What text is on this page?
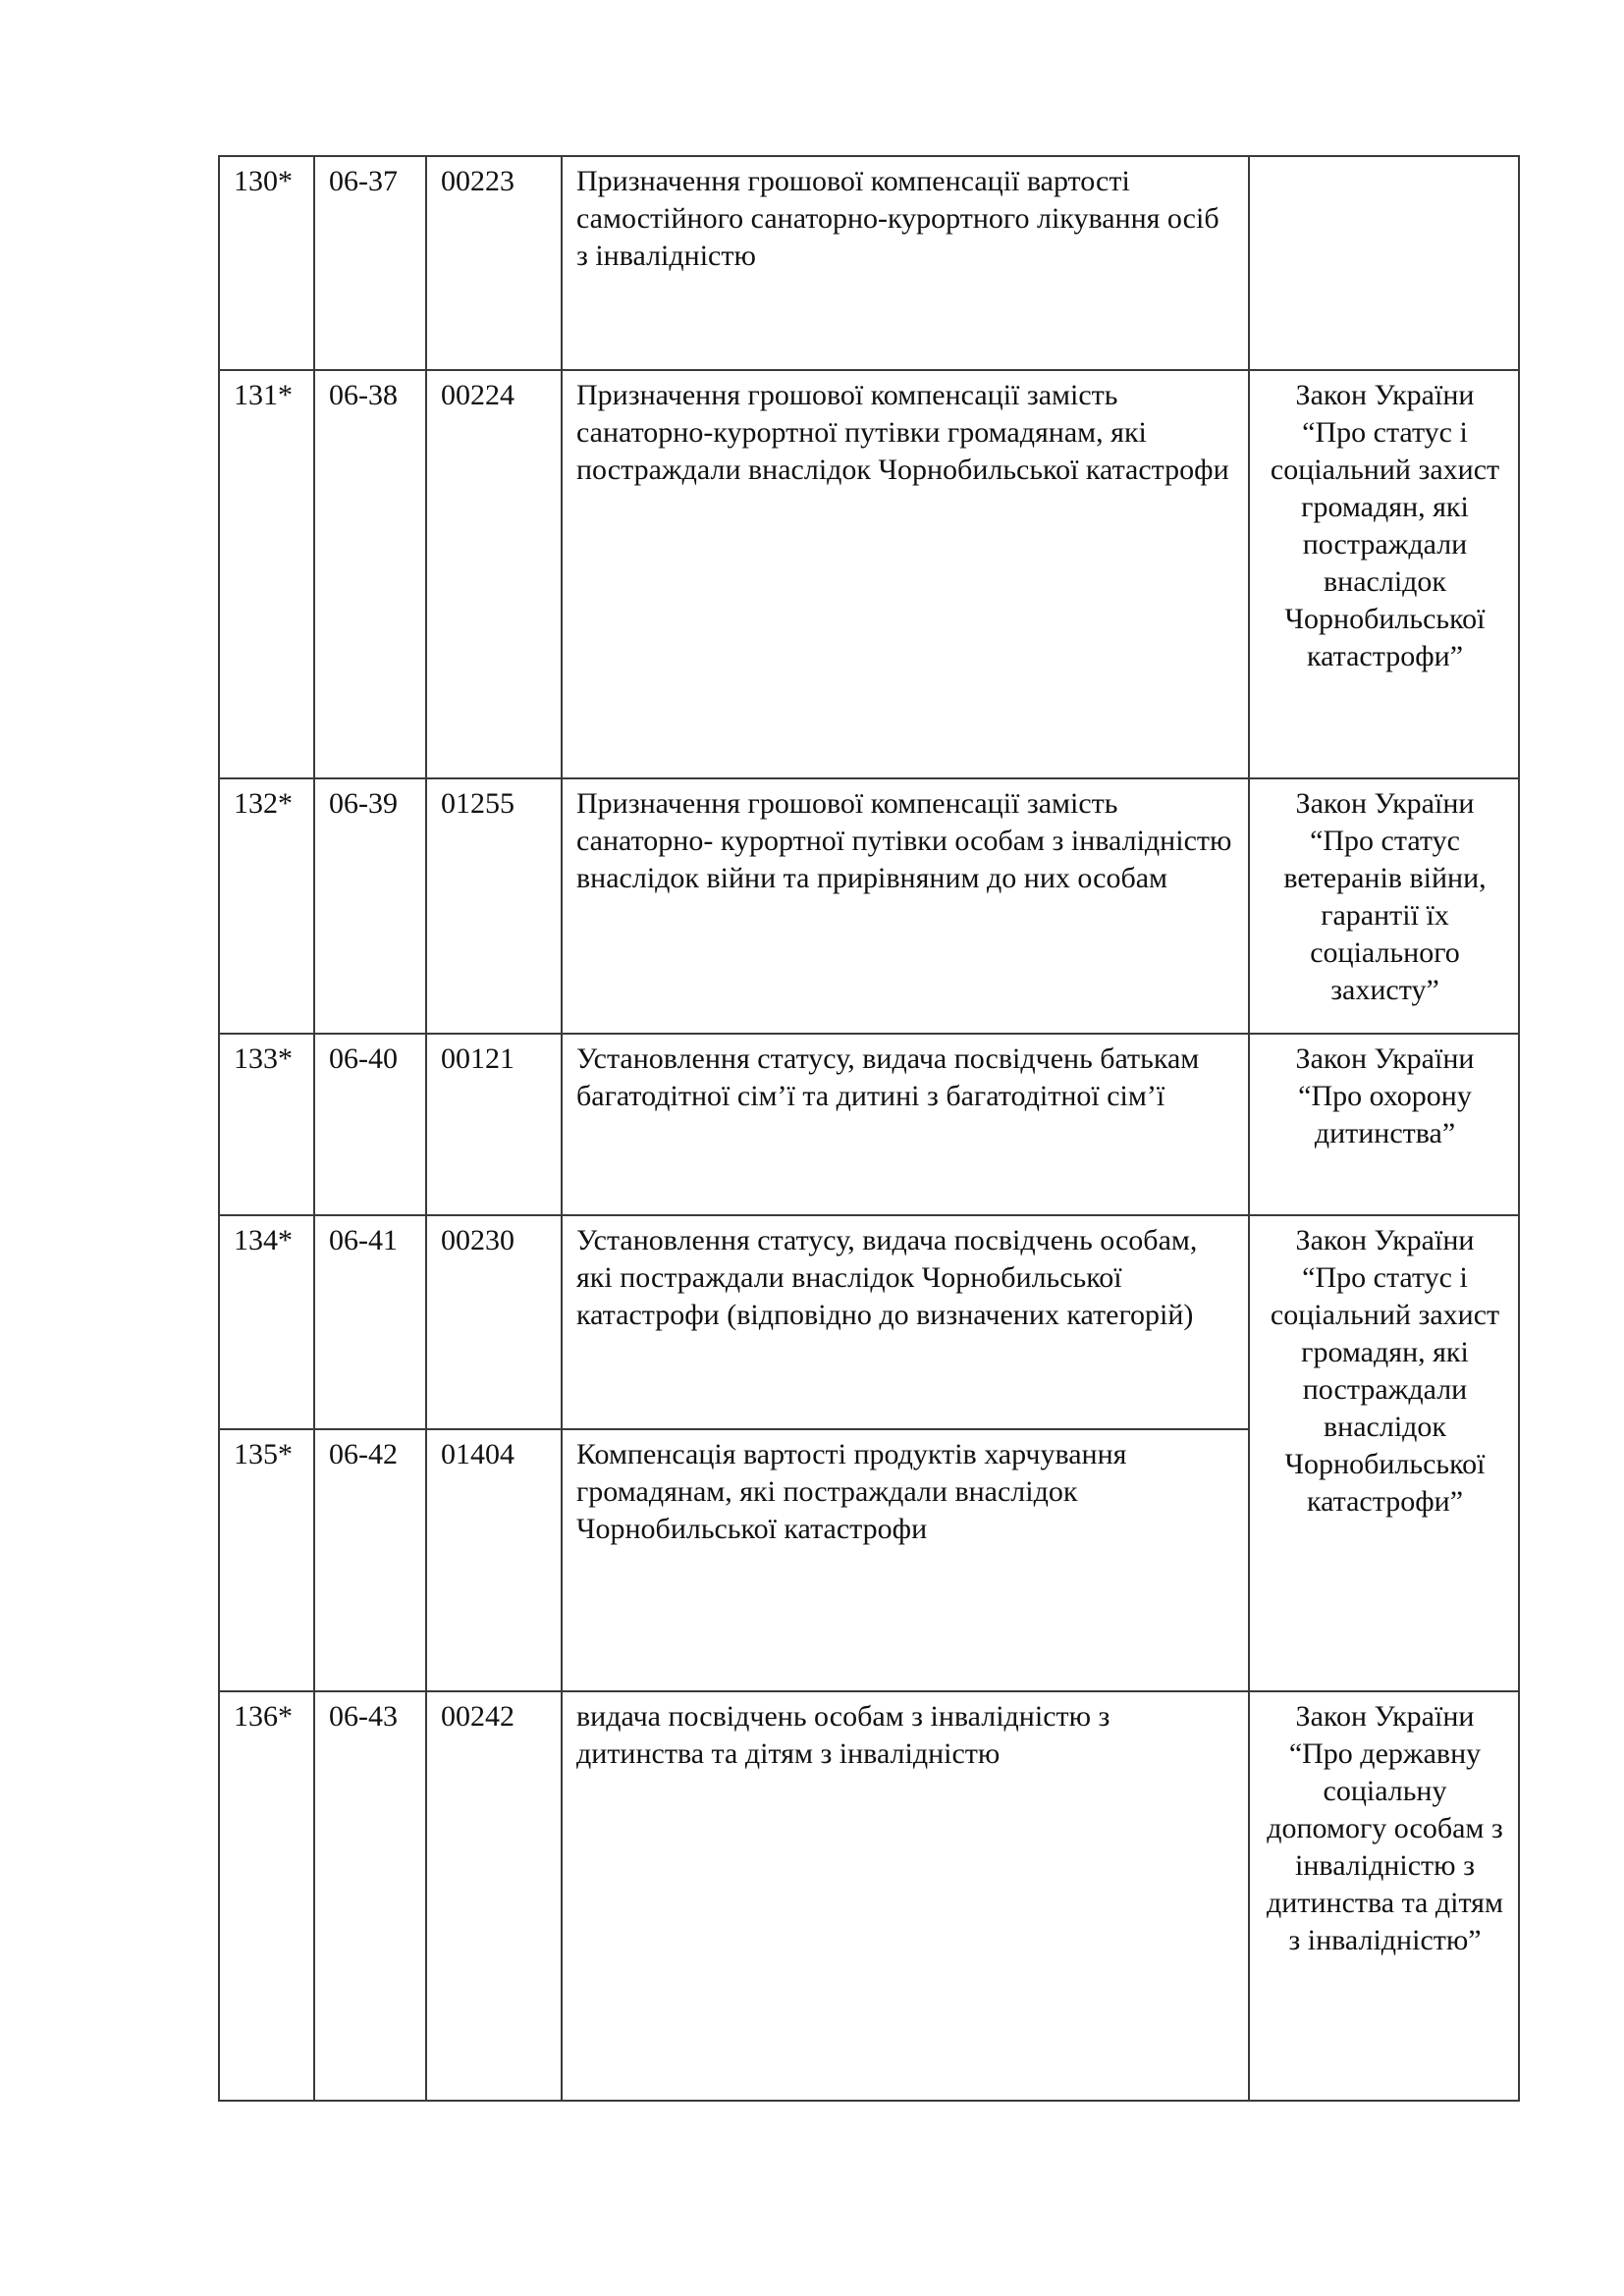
130*	06-37	00223	Призначення грошової компенсації вартості самостійного санаторно-курортного лікування осіб з інвалідністю	
131*	06-38	00224	Призначення грошової компенсації замість санаторно-курортної путівки громадянам, які постраждали внаслідок Чорнобильської катастрофи	Закон України “Про статус і соціальний захист громадян, які постраждали внаслідок Чорнобильської катастрофи”
132*	06-39	01255	Призначення грошової компенсації замість санаторно- курортної путівки особам з інвалідністю внаслідок війни та прирівняним до них особам	Закон України “Про статус ветеранів війни, гарантії їх соціального захисту”
133*	06-40	00121	Установлення статусу, видача посвідчень батькам багатодітної сім’ї та дитині з багатодітної сім’ї	Закон України “Про охорону дитинства”
134*	06-41	00230	Установлення статусу, видача посвідчень особам, які постраждали внаслідок Чорнобильської катастрофи (відповідно до визначених категорій)	Закон України “Про статус і соціальний захист громадян, які постраждали внаслідок Чорнобильської катастрофи”
135*	06-42	01404	Компенсація вартості продуктів харчування громадянам, які постраждали внаслідок Чорнобильської катастрофи	
136*	06-43	00242	видача посвідчень особам з інвалідністю з дитинства та дітям з інвалідністю	Закон України “Про державну соціальну допомогу особам з інвалідністю з дитинства та дітям з інвалідністю”
